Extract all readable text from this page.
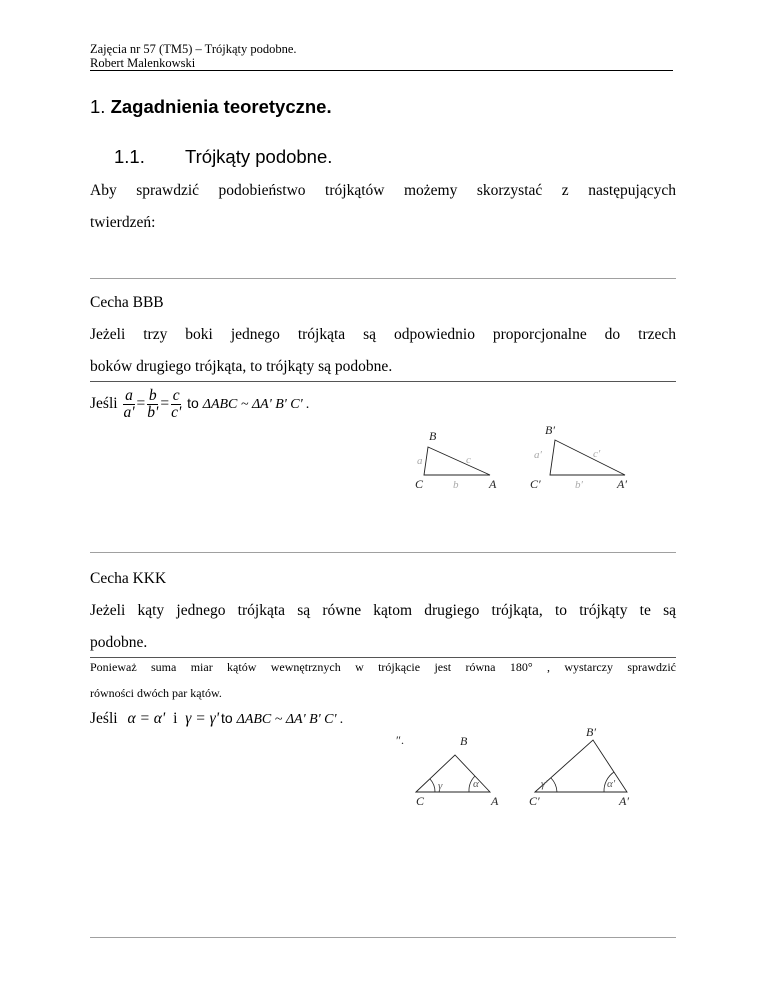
Zajęcia nr 57 (TM5) – Trójkąty podobne.
Robert Malenkowski
1. Zagadnienia teoretyczne.
1.1. Trójkąty podobne.
Aby sprawdzić podobieństwo trójkątów możemy skorzystać z następujących
twierdzeń:
Cecha BBB
Jeżeli trzy boki jednego trójkąta są odpowiednio proporcjonalne do trzech
boków drugiego trójkąta, to trójkąty są podobne.
Jeśli $\frac{a}{a'} = \frac{b}{b'} = \frac{c}{c'}$ to ΔABC ~ ΔA' B' C' .
B
a	c
C	b	A
B′
a′	c′
C′	b′	A′
Cecha KKK
Jeżeli kąty jednego trójkąta są równe kątom drugiego trójkąta, to trójkąty te są
podobne.
Ponieważ suma miar kątów wewnętrznych w trójkącie jest równa 180° , wystarczy sprawdzić
równości dwóch par kątów.
Jeśli α = α' i γ = γ' to ΔABC ~ ΔA' B' C' .
″.	B
γ	α
C	A
B′
γ′	α′
C′	A′
